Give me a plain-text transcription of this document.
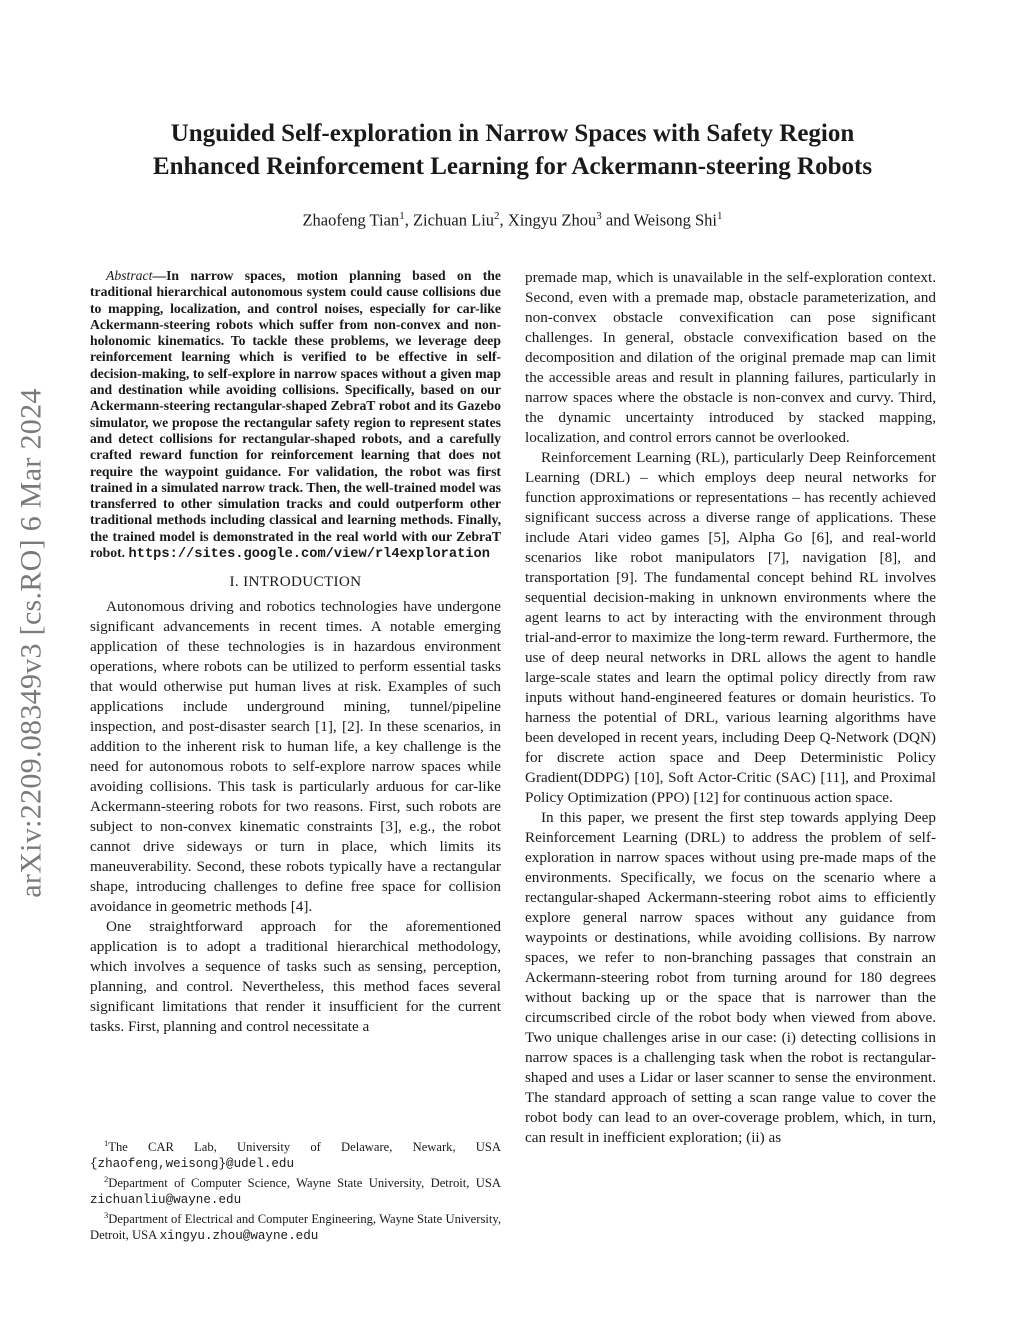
arXiv:2209.08349v3 [cs.RO] 6 Mar 2024
Unguided Self-exploration in Narrow Spaces with Safety Region
Enhanced Reinforcement Learning for Ackermann-steering Robots

Zhaofeng Tian$^1$, Zichuan Liu$^2$, Xingyu Zhou$^3$ and Weisong Shi$^1$

Abstract—In narrow spaces, motion planning based on the traditional hierarchical autonomous system could cause collisions due to mapping, localization, and control noises, especially for car-like Ackermann-steering robots which suffer from non-convex and non-holonomic kinematics. To tackle these problems, we leverage deep reinforcement learning which is verified to be effective in self-decision-making, to self-explore in narrow spaces without a given map and destination while avoiding collisions. Specifically, based on our Ackermann-steering rectangular-shaped ZebraT robot and its Gazebo simulator, we propose the rectangular safety region to represent states and detect collisions for rectangular-shaped robots, and a carefully crafted reward function for reinforcement learning that does not require the waypoint guidance. For validation, the robot was first trained in a simulated narrow track. Then, the well-trained model was transferred to other simulation tracks and could outperform other traditional methods including classical and learning methods. Finally, the trained model is demonstrated in the real world with our ZebraT robot. https://sites.google.com/view/rl4exploration

I. INTRODUCTION

Autonomous driving and robotics technologies have undergone significant advancements in recent times. A notable emerging application of these technologies is in hazardous environment operations, where robots can be utilized to perform essential tasks that would otherwise put human lives at risk. Examples of such applications include underground mining, tunnel/pipeline inspection, and post-disaster search [1], [2]. In these scenarios, in addition to the inherent risk to human life, a key challenge is the need for autonomous robots to self-explore narrow spaces while avoiding collisions. This task is particularly arduous for car-like Ackermann-steering robots for two reasons. First, such robots are subject to non-convex kinematic constraints [3], e.g., the robot cannot drive sideways or turn in place, which limits its maneuverability. Second, these robots typically have a rectangular shape, introducing challenges to define free space for collision avoidance in geometric methods [4].

One straightforward approach for the aforementioned application is to adopt a traditional hierarchical methodology, which involves a sequence of tasks such as sensing, perception, planning, and control. Nevertheless, this method faces several significant limitations that render it insufficient for the current tasks. First, planning and control necessitate a

$^1$The CAR Lab, University of Delaware, Newark, USA {zhaofeng,weisong}@udel.edu

$^2$Department of Computer Science, Wayne State University, Detroit, USA zichuanliu@wayne.edu

$^3$Department of Electrical and Computer Engineering, Wayne State University, Detroit, USA xingyu.zhou@wayne.edu

premade map, which is unavailable in the self-exploration context. Second, even with a premade map, obstacle parameterization, and non-convex obstacle convexification can pose significant challenges. In general, obstacle convexification based on the decomposition and dilation of the original premade map can limit the accessible areas and result in planning failures, particularly in narrow spaces where the obstacle is non-convex and curvy. Third, the dynamic uncertainty introduced by stacked mapping, localization, and control errors cannot be overlooked.

Reinforcement Learning (RL), particularly Deep Reinforcement Learning (DRL) – which employs deep neural networks for function approximations or representations – has recently achieved significant success across a diverse range of applications. These include Atari video games [5], Alpha Go [6], and real-world scenarios like robot manipulators [7], navigation [8], and transportation [9]. The fundamental concept behind RL involves sequential decision-making in unknown environments where the agent learns to act by interacting with the environment through trial-and-error to maximize the long-term reward. Furthermore, the use of deep neural networks in DRL allows the agent to handle large-scale states and learn the optimal policy directly from raw inputs without hand-engineered features or domain heuristics. To harness the potential of DRL, various learning algorithms have been developed in recent years, including Deep Q-Network (DQN) for discrete action space and Deep Deterministic Policy Gradient(DDPG) [10], Soft Actor-Critic (SAC) [11], and Proximal Policy Optimization (PPO) [12] for continuous action space.

In this paper, we present the first step towards applying Deep Reinforcement Learning (DRL) to address the problem of self-exploration in narrow spaces without using pre-made maps of the environments. Specifically, we focus on the scenario where a rectangular-shaped Ackermann-steering robot aims to efficiently explore general narrow spaces without any guidance from waypoints or destinations, while avoiding collisions. By narrow spaces, we refer to non-branching passages that constrain an Ackermann-steering robot from turning around for 180 degrees without backing up or the space that is narrower than the circumscribed circle of the robot body when viewed from above. Two unique challenges arise in our case: (i) detecting collisions in narrow spaces is a challenging task when the robot is rectangular-shaped and uses a Lidar or laser scanner to sense the environment. The standard approach of setting a scan range value to cover the robot body can lead to an over-coverage problem, which, in turn, can result in inefficient exploration; (ii) as
